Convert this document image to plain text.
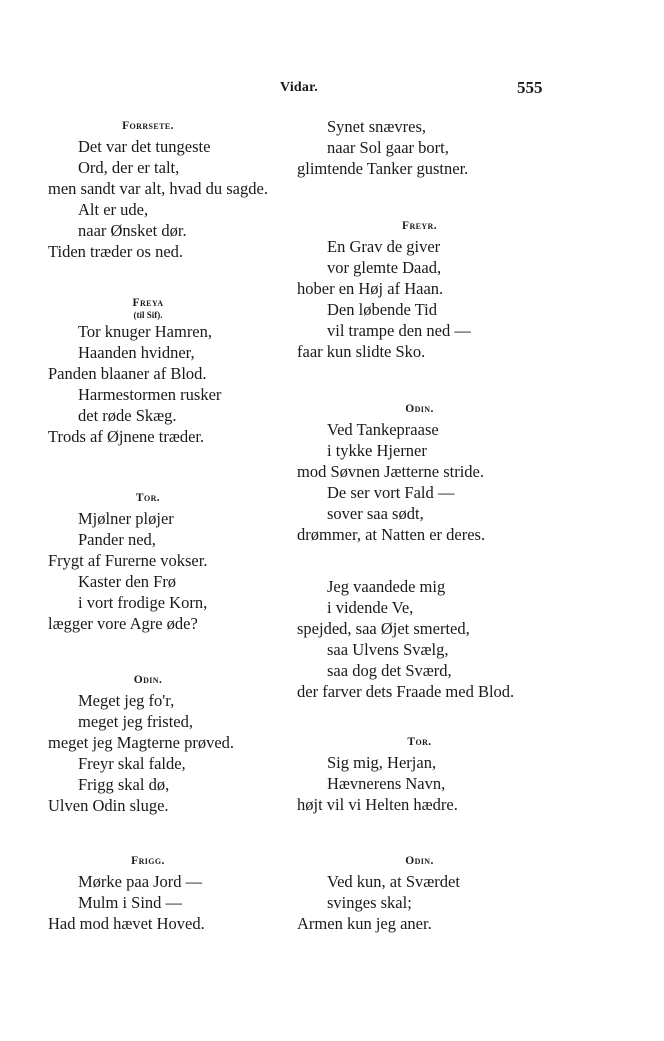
Vidar.	555
Forrsete.
Det var det tungeste
Ord, der er talt,
men sandt var alt, hvad du sagde.
Alt er ude,
naar Ønsket dør.
Tiden træder os ned.
Freya
(til Sif).
Tor knuger Hamren,
Haanden hvidner,
Panden blaaner af Blod.
Harmestormen rusker
det røde Skæg.
Trods af Øjnene træder.
Tor.
Mjølner pløjer
Pander ned,
Frygt af Furerne vokser.
Kaster den Frø
i vort frodige Korn,
lægger vore Agre øde?
Odin.
Meget jeg fo'r,
meget jeg fristed,
meget jeg Magterne prøved.
Freyr skal falde,
Frigg skal dø,
Ulven Odin sluge.
Frigg.
Mørke paa Jord —
Mulm i Sind —
Had mod hævet Hoved.
Synet snævres,
naar Sol gaar bort,
glimtende Tanker gustner.
Freyr.
En Grav de giver
vor glemte Daad,
hober en Høj af Haan.
Den løbende Tid
vil trampe den ned —
faar kun slidte Sko.
Odin.
Ved Tankepraase
i tykke Hjerner
mod Søvnen Jætterne stride.
De ser vort Fald —
sover saa sødt,
drømmer, at Natten er deres.
Jeg vaandede mig
i vidende Ve,
spejded, saa Øjet smerted,
saa Ulvens Svælg,
saa dog det Sværd,
der farver dets Fraade med Blod.
Tor.
Sig mig, Herjan,
Hævnerens Navn,
højt vil vi Helten hædre.
Odin.
Ved kun, at Sværdet
svinges skal;
Armen kun jeg aner.
